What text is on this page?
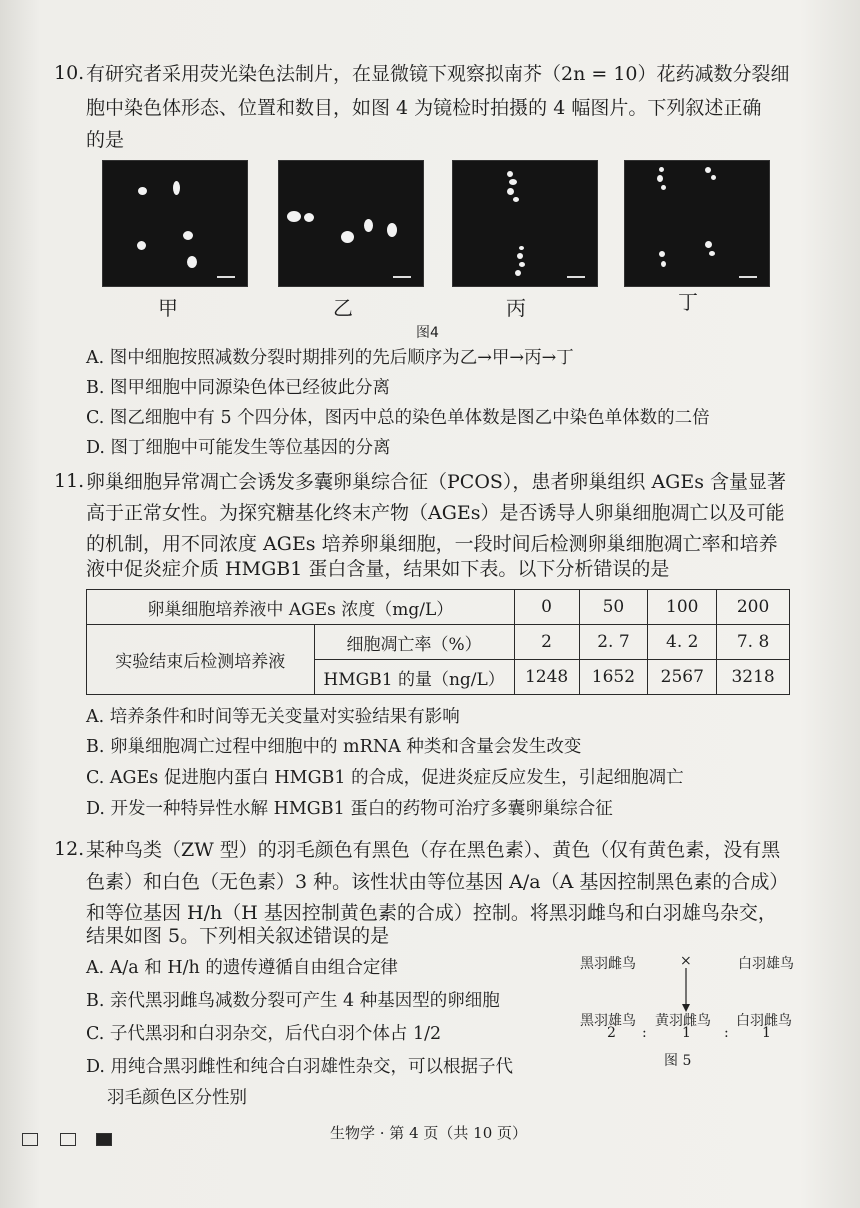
10. 有研究者采用荧光染色法制片，在显微镜下观察拟南芥（2n = 10）花药减数分裂细
胞中染色体形态、位置和数目，如图 4 为镜检时拍摄的 4 幅图片。下列叙述正确
的是
甲	乙	丙	丁
图4
A. 图中细胞按照减数分裂时期排列的先后顺序为乙→甲→丙→丁
B. 图甲细胞中同源染色体已经彼此分离
C. 图乙细胞中有 5 个四分体，图丙中总的染色单体数是图乙中染色单体数的二倍
D. 图丁细胞中可能发生等位基因的分离
11. 卵巢细胞异常凋亡会诱发多囊卵巢综合征（PCOS），患者卵巢组织 AGEs 含量显著
高于正常女性。为探究糖基化终末产物（AGEs）是否诱导人卵巢细胞凋亡以及可能
的机制，用不同浓度 AGEs 培养卵巢细胞，一段时间后检测卵巢细胞凋亡率和培养
液中促炎症介质 HMGB1 蛋白含量，结果如下表。以下分析错误的是
卵巢细胞培养液中 AGEs 浓度（mg/L）		0	50	100	200
实验结束后检测培养液	细胞凋亡率（%）	2	2. 7	4. 2	7. 8
	HMGB1 的量（ng/L）	1248	1652	2567	3218
A. 培养条件和时间等无关变量对实验结果有影响
B. 卵巢细胞凋亡过程中细胞中的 mRNA 种类和含量会发生改变
C. AGEs 促进胞内蛋白 HMGB1 的合成，促进炎症反应发生，引起细胞凋亡
D. 开发一种特异性水解 HMGB1 蛋白的药物可治疗多囊卵巢综合征
12. 某种鸟类（ZW 型）的羽毛颜色有黑色（存在黑色素）、黄色（仅有黄色素，没有黑
色素）和白色（无色素）3 种。该性状由等位基因 A/a（A 基因控制黑色素的合成）
和等位基因 H/h（H 基因控制黄色素的合成）控制。将黑羽雌鸟和白羽雄鸟杂交，
结果如图 5。下列相关叙述错误的是
A. A/a 和 H/h 的遗传遵循自由组合定律
B. 亲代黑羽雌鸟减数分裂可产生 4 种基因型的卵细胞
C. 子代黑羽和白羽杂交，后代白羽个体占 1/2
D. 用纯合黑羽雌性和纯合白羽雄性杂交，可以根据子代
羽毛颜色区分性别
黑羽雌鸟	×	白羽雄鸟
黑羽雄鸟 黄羽雌鸟 白羽雌鸟
2 :	1 : 1
图 5
生物学 · 第 4 页（共 10 页）
